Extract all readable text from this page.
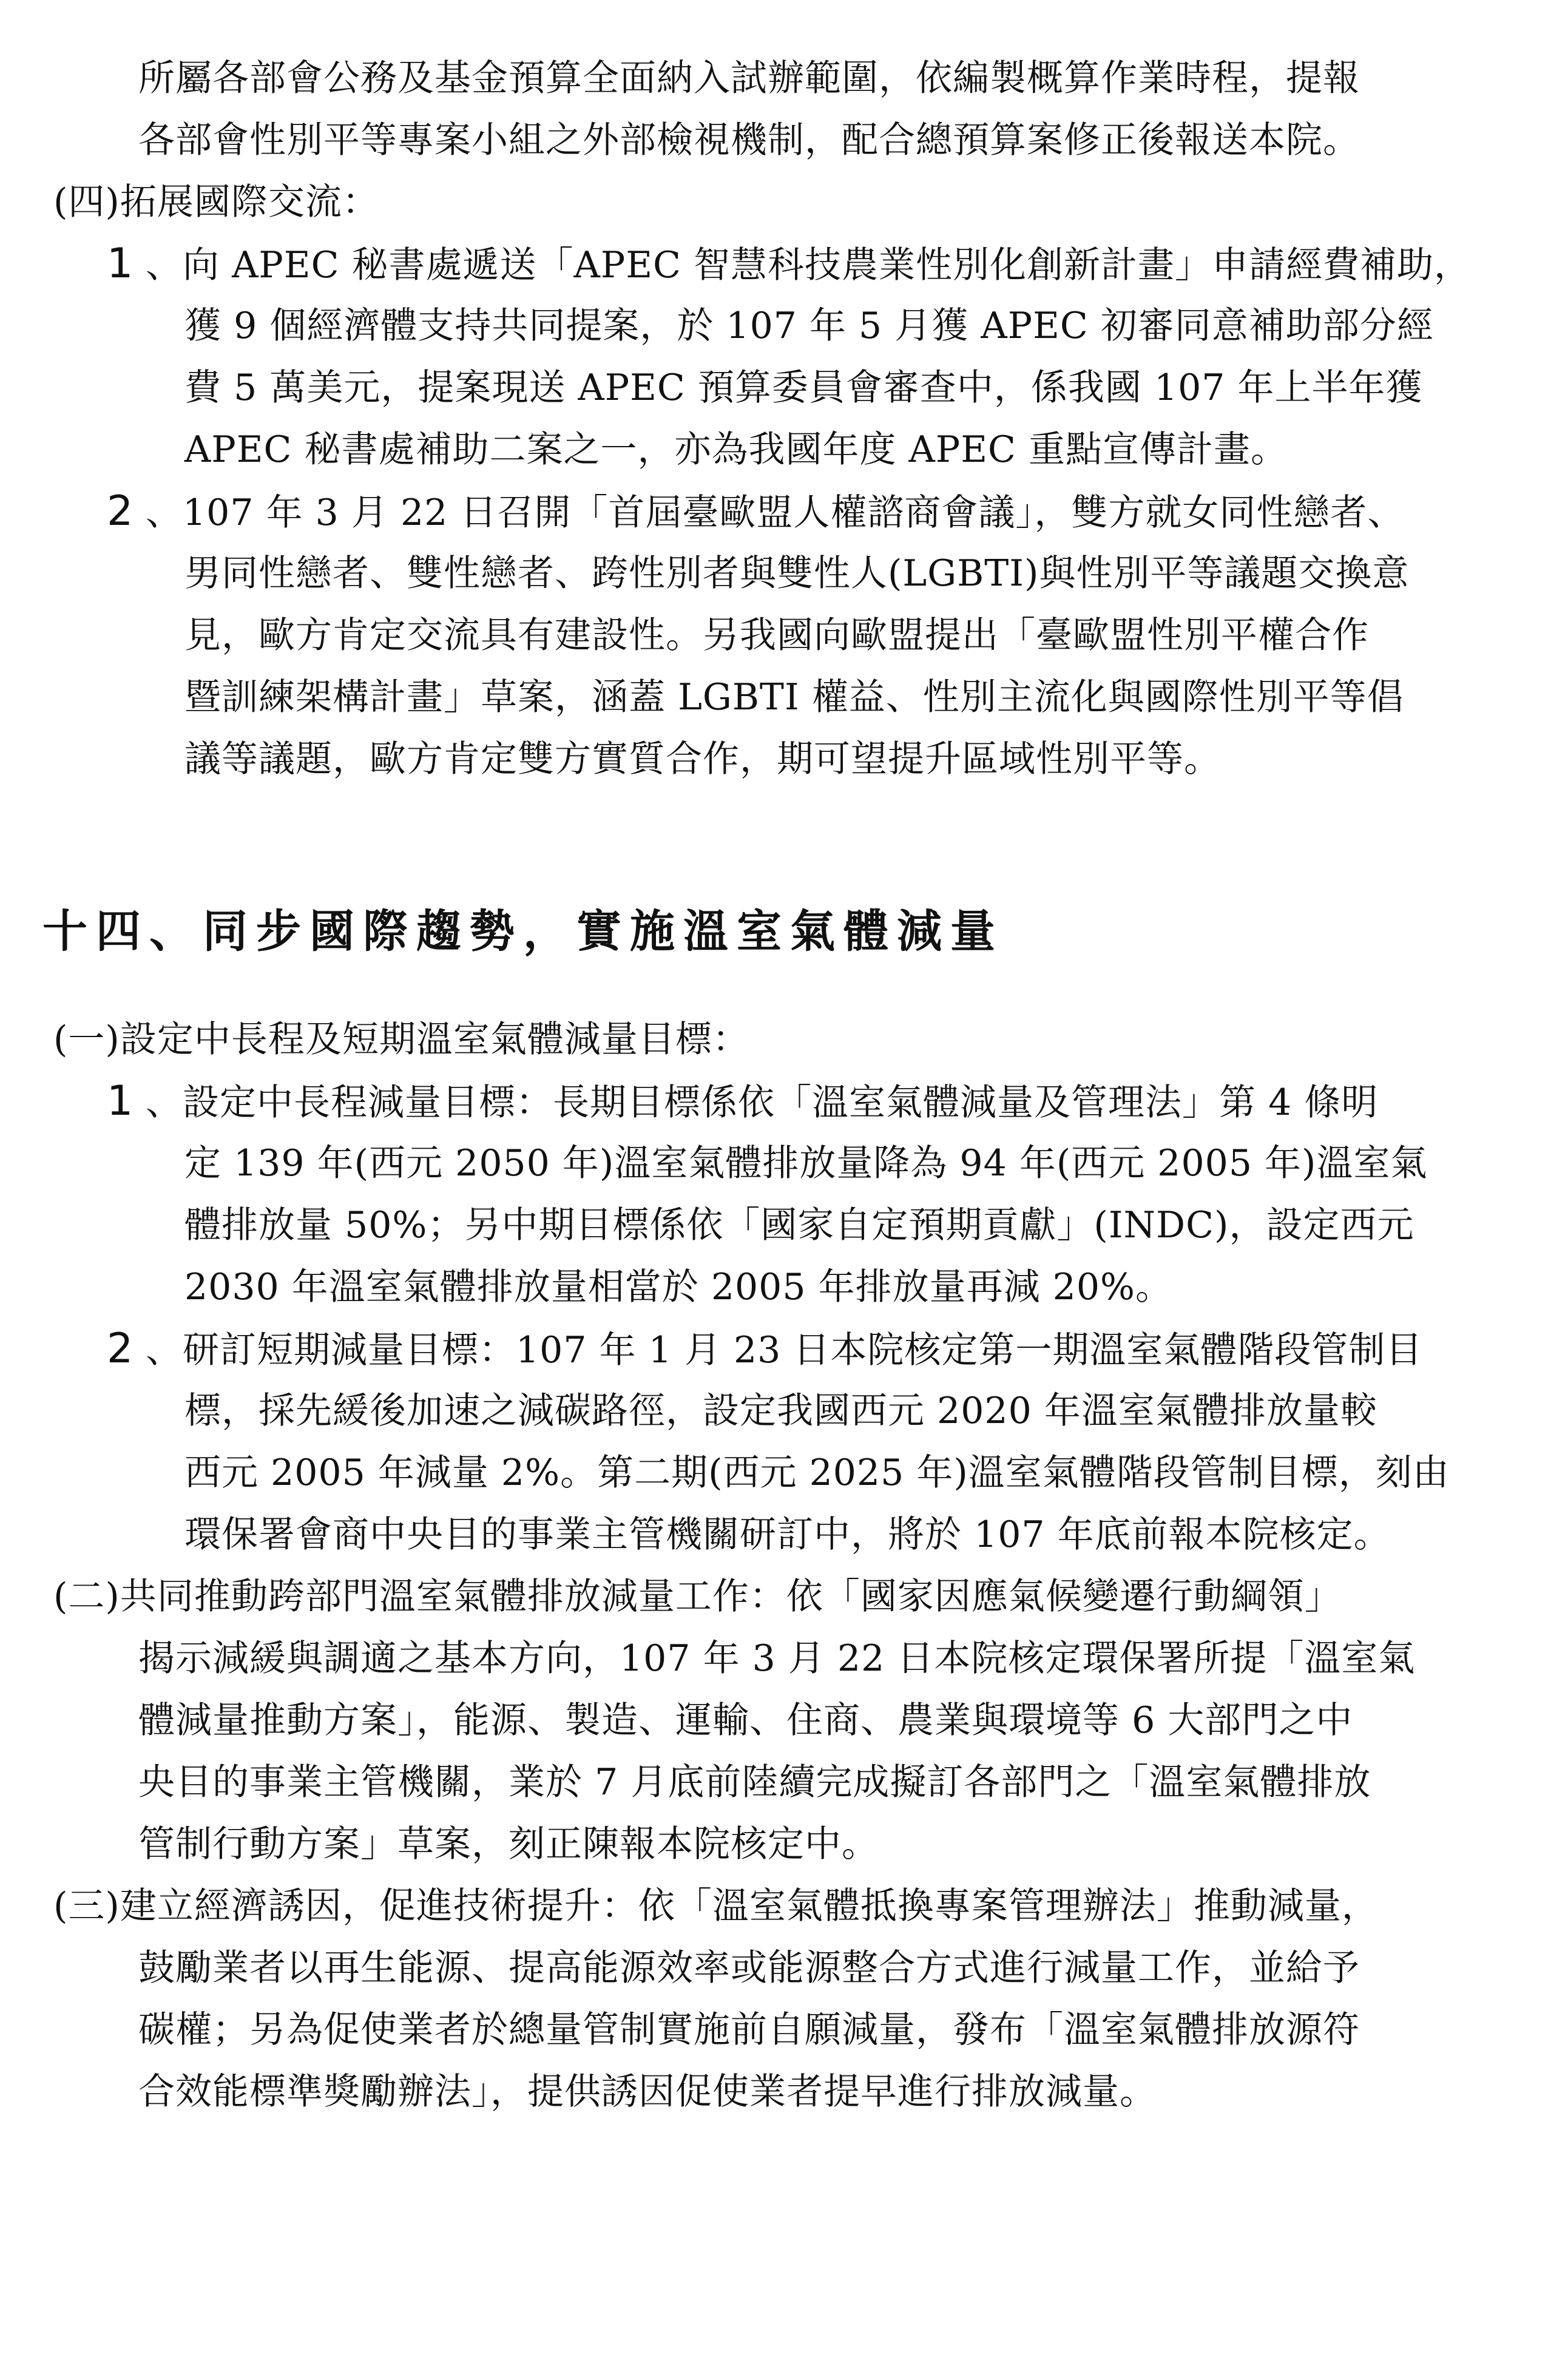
所屬各部會公務及基金預算全面納入試辦範圍，依編製概算作業時程，提報
各部會性別平等專案小組之外部檢視機制，配合總預算案修正後報送本院。
(四)拓展國際交流：
1 、向 APEC 秘書處遞送「APEC 智慧科技農業性別化創新計畫」申請經費補助，
獲 9 個經濟體支持共同提案，於 107 年 5 月獲 APEC 初審同意補助部分經
費 5 萬美元，提案現送 APEC 預算委員會審查中，係我國 107 年上半年獲
APEC 秘書處補助二案之一，亦為我國年度 APEC 重點宣傳計畫。
2 、107 年 3 月 22 日召開「首屆臺歐盟人權諮商會議」，雙方就女同性戀者、
男同性戀者、雙性戀者、跨性別者與雙性人(LGBTI)與性別平等議題交換意
見，歐方肯定交流具有建設性。另我國向歐盟提出「臺歐盟性別平權合作
暨訓練架構計畫」草案，涵蓋 LGBTI 權益、性別主流化與國際性別平等倡
議等議題，歐方肯定雙方實質合作，期可望提升區域性別平等。
十四、同步國際趨勢，實施溫室氣體減量
(一)設定中長程及短期溫室氣體減量目標：
1 、設定中長程減量目標：長期目標係依「溫室氣體減量及管理法」第 4 條明
定 139 年(西元 2050 年)溫室氣體排放量降為 94 年(西元 2005 年)溫室氣
體排放量 50%；另中期目標係依「國家自定預期貢獻」(INDC)，設定西元
2030 年溫室氣體排放量相當於 2005 年排放量再減 20%。
2 、研訂短期減量目標：107 年 1 月 23 日本院核定第一期溫室氣體階段管制目
標，採先緩後加速之減碳路徑，設定我國西元 2020 年溫室氣體排放量較
西元 2005 年減量 2%。第二期(西元 2025 年)溫室氣體階段管制目標，刻由
環保署會商中央目的事業主管機關研訂中，將於 107 年底前報本院核定。
(二)共同推動跨部門溫室氣體排放減量工作：依「國家因應氣候變遷行動綱領」
揭示減緩與調適之基本方向，107 年 3 月 22 日本院核定環保署所提「溫室氣
體減量推動方案」，能源、製造、運輸、住商、農業與環境等 6 大部門之中
央目的事業主管機關，業於 7 月底前陸續完成擬訂各部門之「溫室氣體排放
管制行動方案」草案，刻正陳報本院核定中。
(三)建立經濟誘因，促進技術提升：依「溫室氣體抵換專案管理辦法」推動減量，
鼓勵業者以再生能源、提高能源效率或能源整合方式進行減量工作，並給予
碳權；另為促使業者於總量管制實施前自願減量，發布「溫室氣體排放源符
合效能標準獎勵辦法」，提供誘因促使業者提早進行排放減量。
